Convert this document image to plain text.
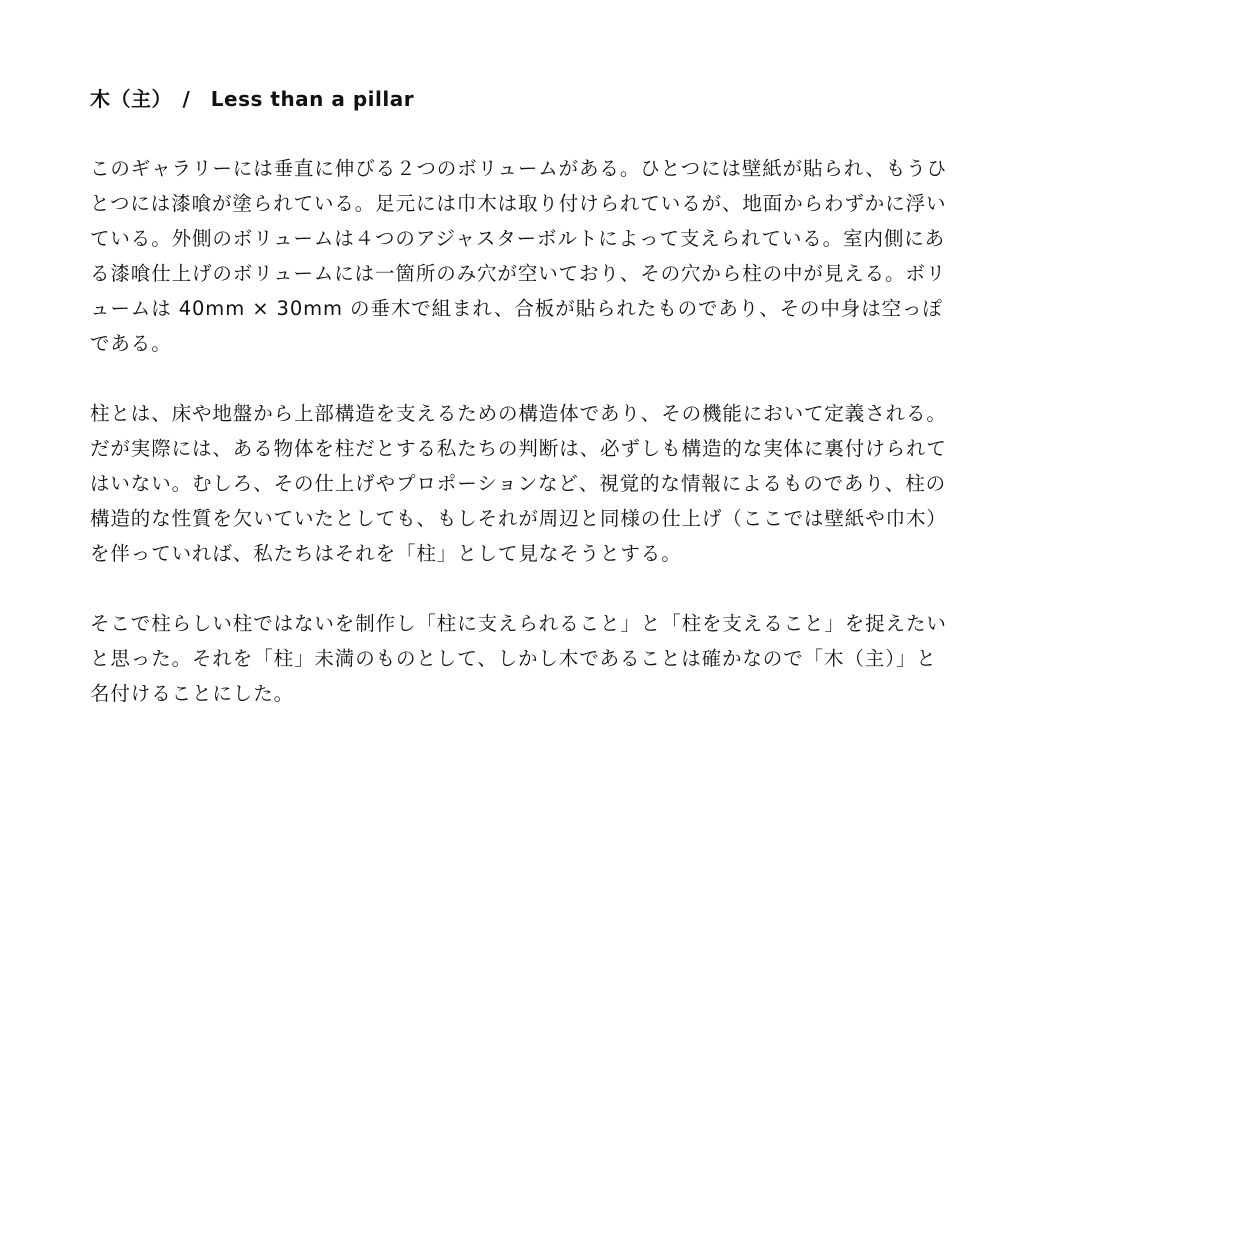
木（主）　/　Less than a pillar

このギャラリーには垂直に伸びる２つのボリュームがある。ひとつには壁紙が貼られ、もうひとつには漆喰が塗られている。足元には巾木は取り付けられているが、地面からわずかに浮いている。外側のボリュームは４つのアジャスターボルトによって支えられている。室内側にある漆喰仕上げのボリュームには一箇所のみ穴が空いており、その穴から柱の中が見える。ボリュームは 40mm × 30mm の垂木で組まれ、合板が貼られたものであり、その中身は空っぽである。

柱とは、床や地盤から上部構造を支えるための構造体であり、その機能において定義される。だが実際には、ある物体を柱だとする私たちの判断は、必ずしも構造的な実体に裏付けられてはいない。むしろ、その仕上げやプロポーションなど、視覚的な情報によるものであり、柱の構造的な性質を欠いていたとしても、もしそれが周辺と同様の仕上げ（ここでは壁紙や巾木）を伴っていれば、私たちはそれを「柱」として見なそうとする。

そこで柱らしい柱ではないを制作し「柱に支えられること」と「柱を支えること」を捉えたいと思った。それを「柱」未満のものとして、しかし木であることは確かなので「木（主）」と名付けることにした。
